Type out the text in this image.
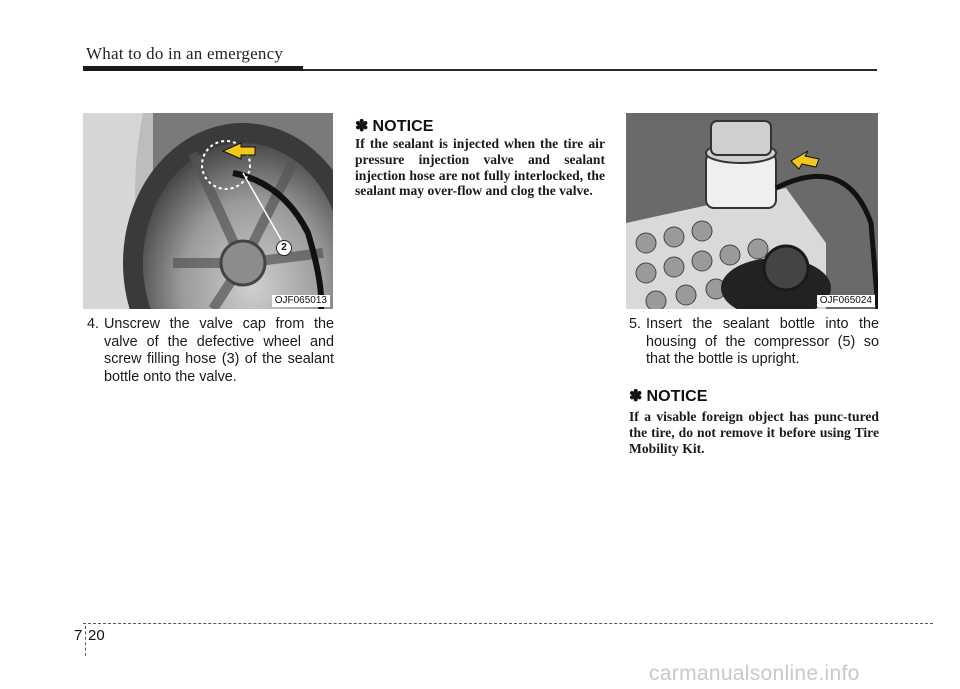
What to do in an emergency
2
OJF065013
4. Unscrew the valve cap from the valve of the defective wheel and screw filling hose (3) of the sealant bottle onto the valve.
✽ NOTICE
If the sealant is injected when the tire air pressure injection valve and sealant injection hose are not fully interlocked, the sealant may over-flow and clog the valve.
OJF065024
5. Insert the sealant bottle into the housing of the compressor (5) so that the bottle is upright.
✽ NOTICE
If a visable foreign object has punc-tured the tire, do not remove it before using Tire Mobility Kit.
7 20
carmanualsonline.info
